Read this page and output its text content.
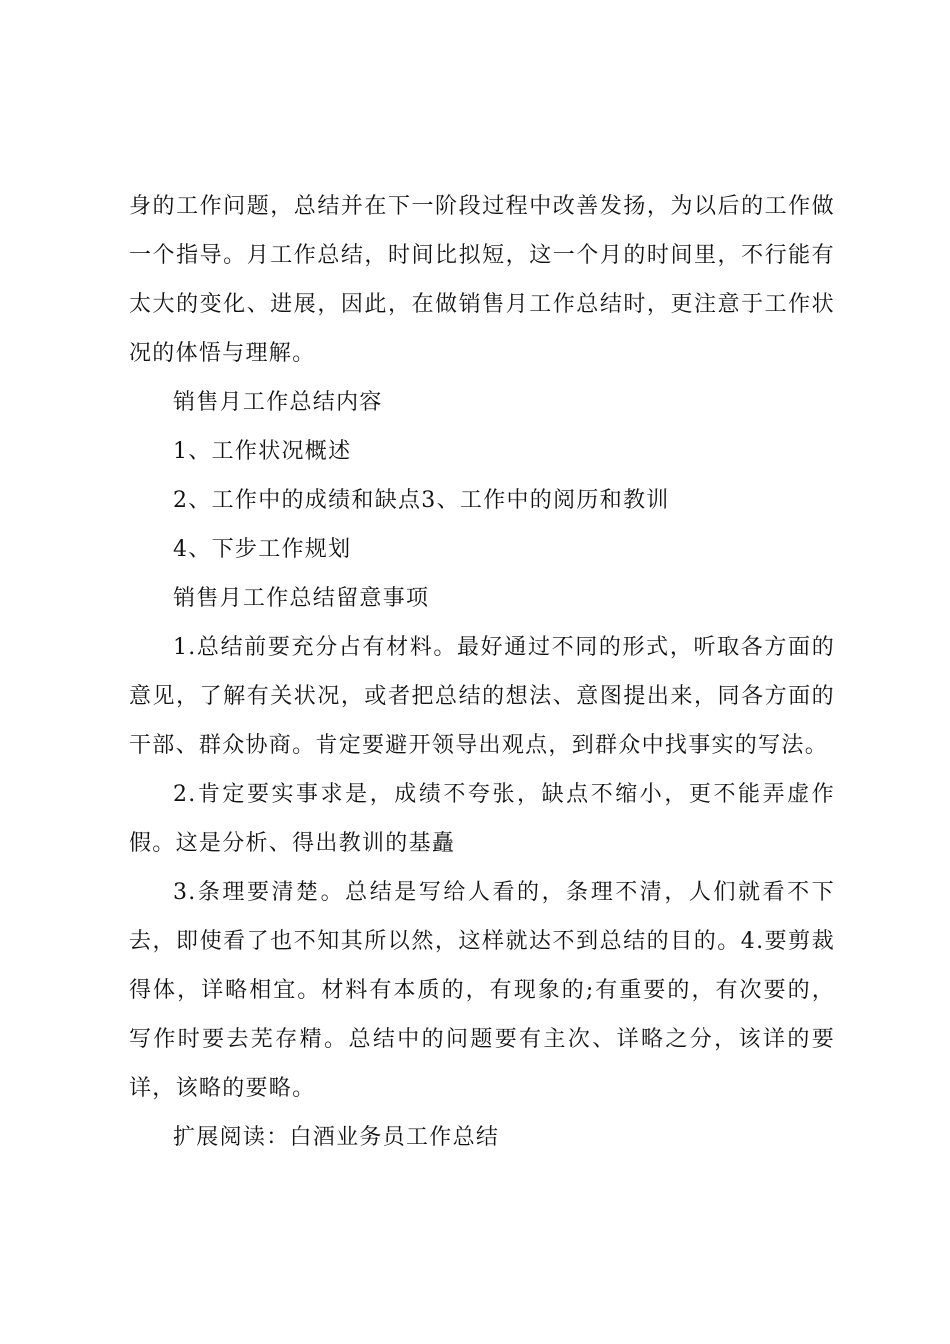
身的工作问题，总结并在下一阶段过程中改善发扬，为以后的工作做一个指导。月工作总结，时间比拟短，这一个月的时间里，不行能有太大的变化、进展，因此，在做销售月工作总结时，更注意于工作状况的体悟与理解。

销售月工作总结内容

1、工作状况概述

2、工作中的成绩和缺点3、工作中的阅历和教训

4、下步工作规划

销售月工作总结留意事项

1.总结前要充分占有材料。最好通过不同的形式，听取各方面的意见，了解有关状况，或者把总结的想法、意图提出来，同各方面的干部、群众协商。肯定要避开领导出观点，到群众中找事实的写法。

2.肯定要实事求是，成绩不夸张，缺点不缩小，更不能弄虚作假。这是分析、得出教训的基矗

3.条理要清楚。总结是写给人看的，条理不清，人们就看不下去，即使看了也不知其所以然，这样就达不到总结的目的。4.要剪裁得体，详略相宜。材料有本质的，有现象的;有重要的，有次要的，写作时要去芜存精。总结中的问题要有主次、详略之分，该详的要详，该略的要略。

扩展阅读：白酒业务员工作总结
